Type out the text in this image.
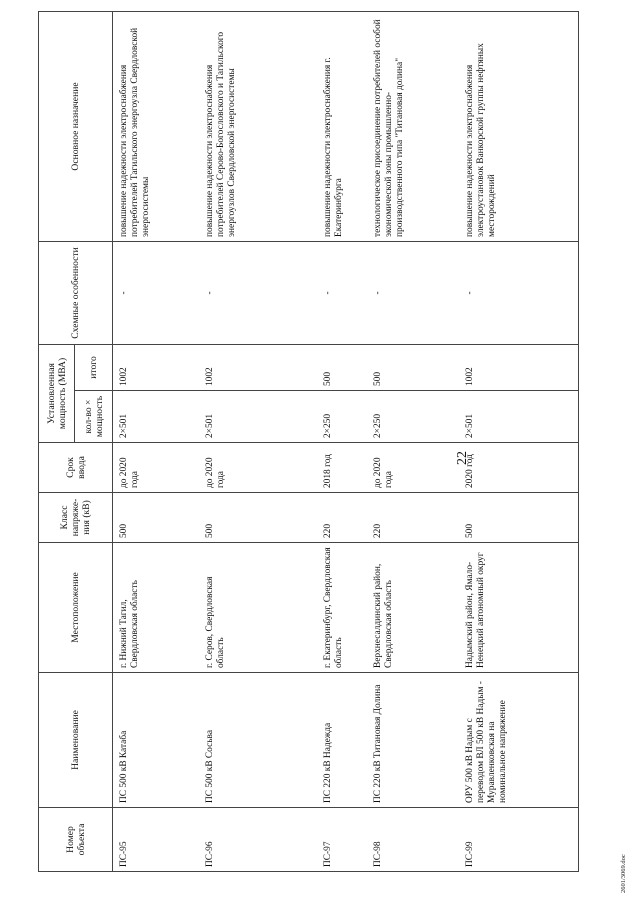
22
Номер объекта	Наименование	Местоположение	Класс напряже-ния (кВ)	Срок ввода	Установленная мощность (МВА)		Схемные особенности	Основное назначение
					кол-во × мощность	итого		
ПС-95	ПС 500 кВ Катаба	г. Нижний Тагил, Свердловская область	500	до 2020 года	2×501	1002	-	повышение надежности электроснабжения потребителей Тагильского энергоузла Свердловской энергосистемы
ПС-96	ПС 500 кВ Сосьва	г. Серов, Свердловская область	500	до 2020 года	2×501	1002	-	повышение надежности электроснабжения потребителей Серово-Богословского и Тагильского энергоузлов Свердловской энергосистемы
ПС-97	ПС 220 кВ Надежда	г. Екатеринбург, Свердловская область	220	2018 год	2×250	500	-	повышение надежности электроснабжения г. Екатеринбурга
ПС-98	ПС 220 кВ Титановая Долина	Верхнесалдинский район, Свердловская область	220	до 2020 года	2×250	500	-	технологическое присоединение потребителей особой экономической зоны промышленно-производственного типа "Титановая долина"
ПС-99	ОРУ 500 кВ Надым с переводом ВЛ 500 кВ Надым - Муравленковская на номинальное напряжение	Надымский район, Ямало-Ненецкий автономный округ	500	2020 год	2×501	1002	-	повышение надежности электроснабжения электроустановок Ванкорской группы нефтяных месторождений
2601/3069.doc
